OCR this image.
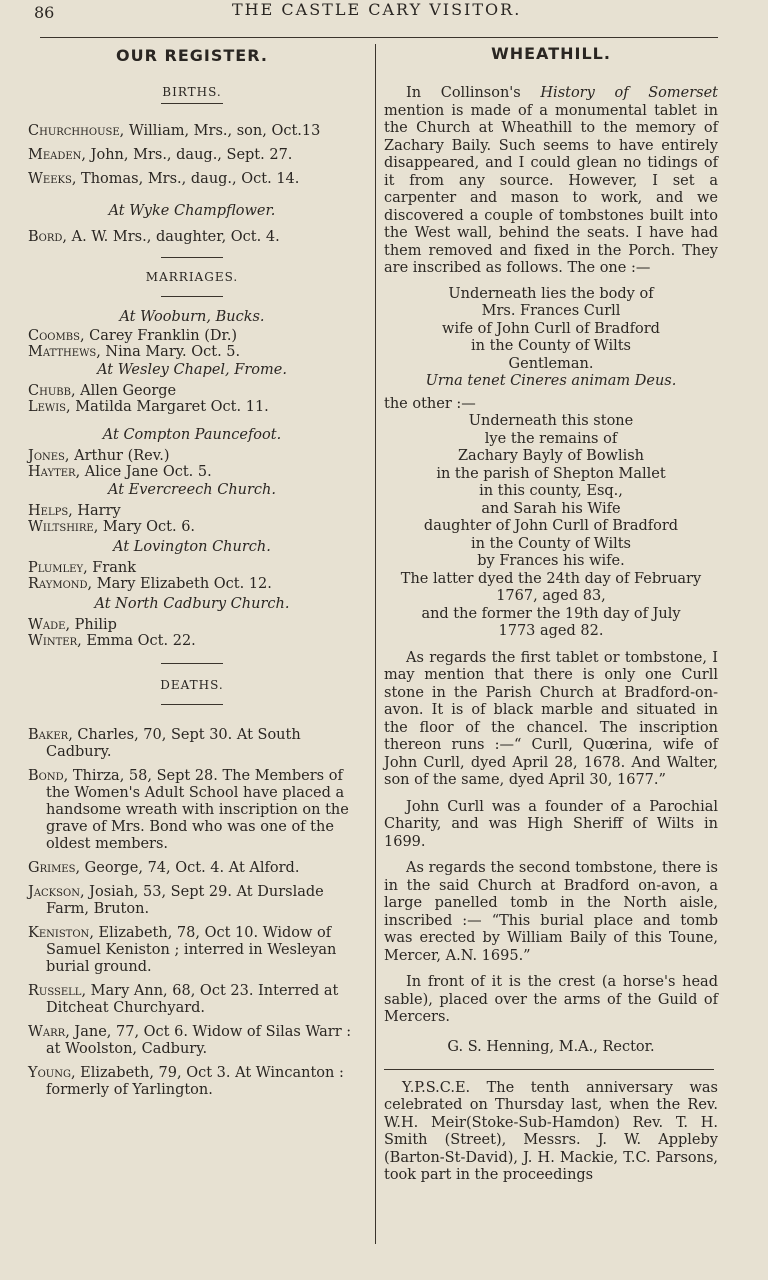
86	THE CASTLE CARY VISITOR.
OUR REGISTER.

BIRTHS.

Churchhouse, William, Mrs., son, Oct.13

Meaden, John, Mrs., daug., Sept. 27.

Weeks, Thomas, Mrs., daug., Oct. 14.

At Wyke Champflower.

Bord, A. W. Mrs., daughter, Oct. 4.

MARRIAGES.

At Wooburn, Bucks.

Coombs, Carey Franklin (Dr.)

Matthews, Nina Mary. Oct. 5.

At Wesley Chapel, Frome.

Chubb, Allen George

Lewis, Matilda Margaret Oct. 11.

At Compton Pauncefoot.

Jones, Arthur (Rev.)

Hayter, Alice Jane Oct. 5.

At Evercreech Church.

Helps, Harry

Wiltshire, Mary Oct. 6.

At Lovington Church.

Plumley, Frank

Raymond, Mary Elizabeth Oct. 12.

At North Cadbury Church.

Wade, Philip

Winter, Emma Oct. 22.

DEATHS.

Baker, Charles, 70, Sept 30. At South Cadbury.

Bond, Thirza, 58, Sept 28. The Members of the Women's Adult School have placed a handsome wreath with inscription on the grave of Mrs. Bond who was one of the oldest members.

Grimes, George, 74, Oct. 4. At Alford.

Jackson, Josiah, 53, Sept 29. At Durslade Farm, Bruton.

Keniston, Elizabeth, 78, Oct 10. Widow of Samuel Keniston ; interred in Wesleyan burial ground.

Russell, Mary Ann, 68, Oct 23. Interred at Ditcheat Churchyard.

Warr, Jane, 77, Oct 6. Widow of Silas Warr : at Woolston, Cadbury.

Young, Elizabeth, 79, Oct 3. At Wincanton : formerly of Yarlington.

WHEATHILL.

In Collinson's History of Somerset mention is made of a monumental tablet in the Church at Wheathill to the memory of Zachary Baily. Such seems to have entirely disappeared, and I could glean no tidings of it from any source. However, I set a carpenter and mason to work, and we discovered a couple of tombstones built into the West wall, behind the seats. I have had them removed and fixed in the Porch. They are inscribed as follows. The one :—

Underneath lies the body of

Mrs. Frances Curll

wife of John Curll of Bradford

in the County of Wilts

Gentleman.

Urna tenet Cineres animam Deus.

the other :—

Underneath this stone

lye the remains of

Zachary Bayly of Bowlish

in the parish of Shepton Mallet

in this county, Esq.,

and Sarah his Wife

daughter of John Curll of Bradford

in the County of Wilts

by Frances his wife.

The latter dyed the 24th day of February

1767, aged 83,

and the former the 19th day of July

1773 aged 82.

As regards the first tablet or tombstone, I may mention that there is only one Curll stone in the Parish Church at Bradford-on-avon. It is of black marble and situated in the floor of the chancel. The inscription thereon runs :—“ Curll, Quœrina, wife of John Curll, dyed April 28, 1678. And Walter, son of the same, dyed April 30, 1677.”

John Curll was a founder of a Parochial Charity, and was High Sheriff of Wilts in 1699.

As regards the second tombstone, there is in the said Church at Bradford on-avon, a large panelled tomb in the North aisle, inscribed :— “This burial place and tomb was erected by William Baily of this Toune, Mercer, A.N. 1695.”

In front of it is the crest (a horse's head sable), placed over the arms of the Guild of Mercers.

G. S. Henning, M.A., Rector.

Y.P.S.C.E. The tenth anniversary was celebrated on Thursday last, when the Rev. W.H. Meir(Stoke-Sub-Hamdon) Rev. T. H. Smith (Street), Messrs. J. W. Appleby (Barton-St-David), J. H. Mackie, T.C. Parsons, took part in the proceedings
